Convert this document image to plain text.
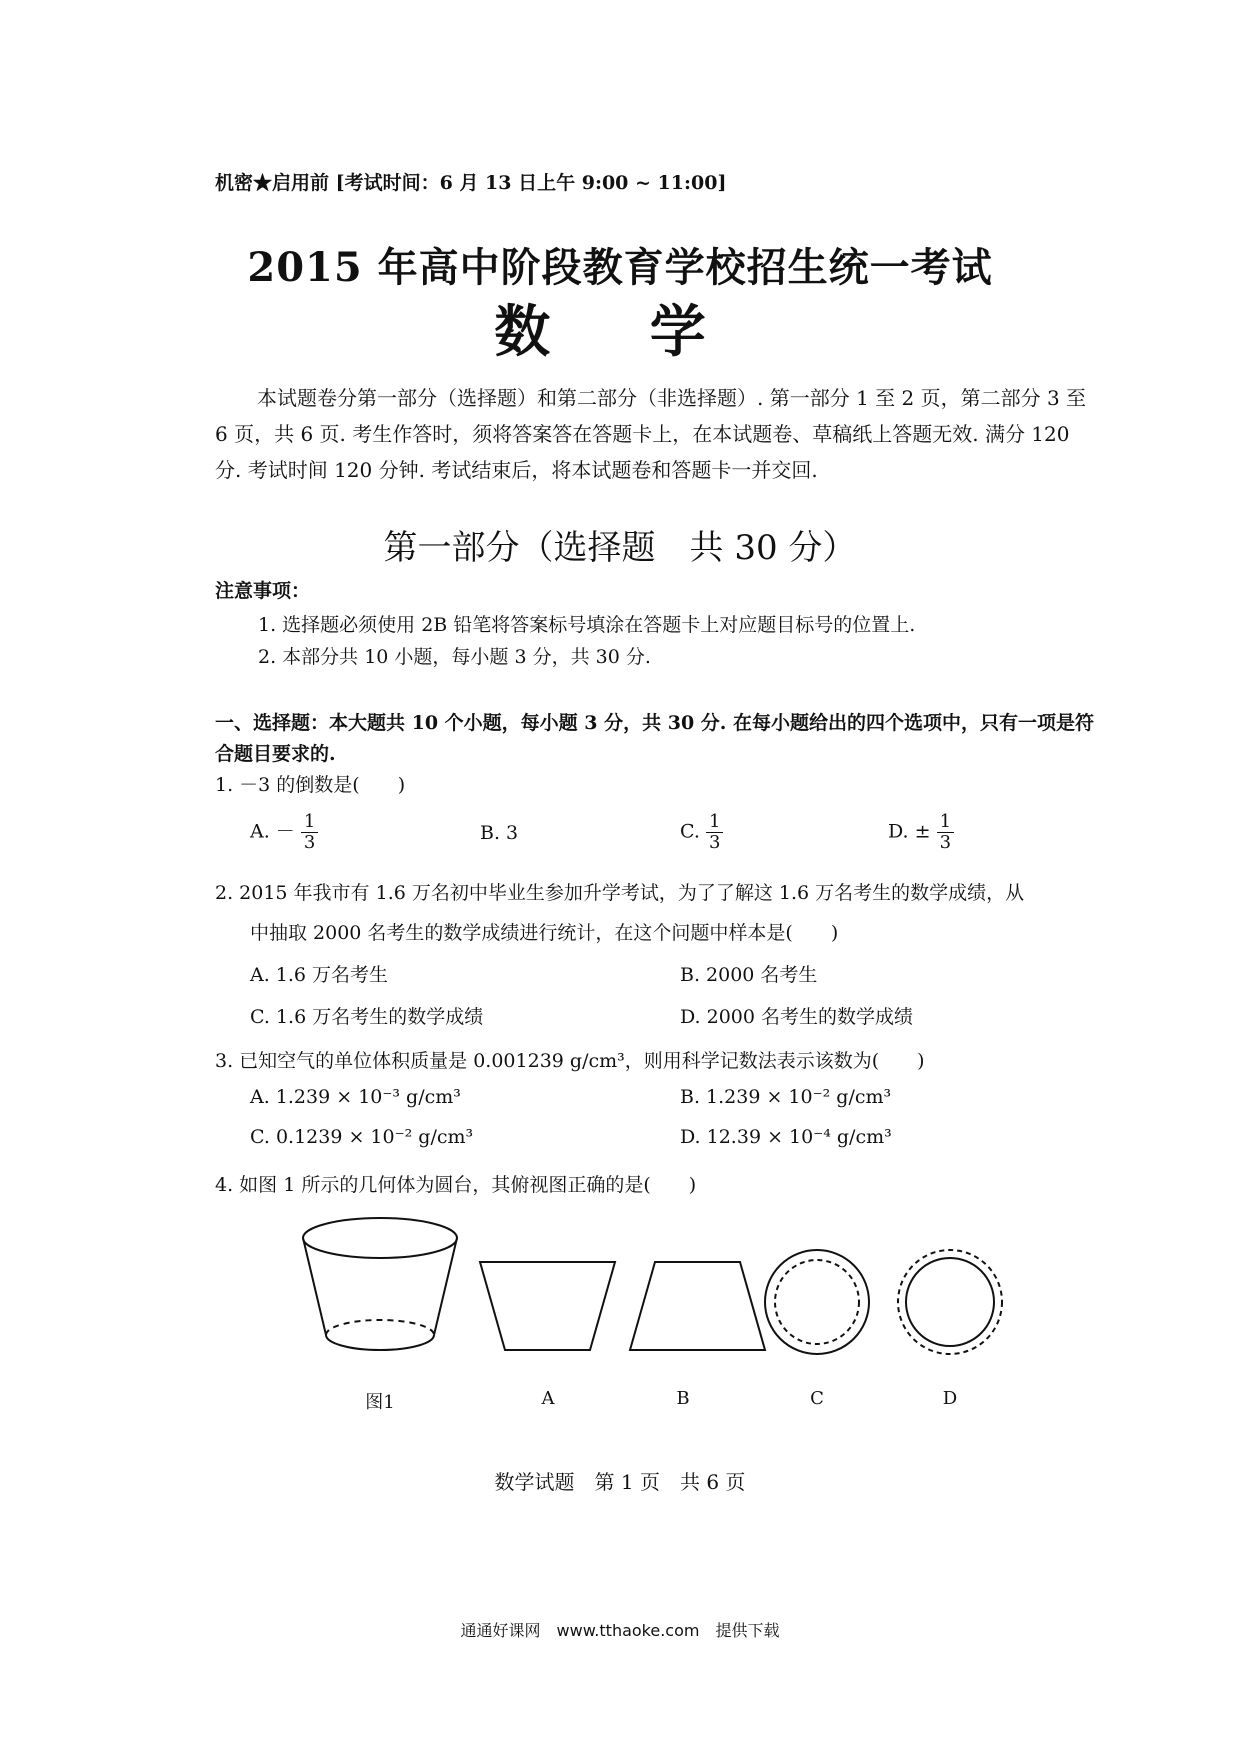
机密★启用前 [考试时间：6 月 13 日上午 9:00 ~ 11:00]
2015 年高中阶段教育学校招生统一考试
数 学
本试题卷分第一部分（选择题）和第二部分（非选择题）. 第一部分 1 至 2 页，第二部分 3 至 6 页，共 6 页. 考生作答时，须将答案答在答题卡上，在本试题卷、草稿纸上答题无效. 满分 120 分. 考试时间 120 分钟. 考试结束后，将本试题卷和答题卡一并交回.
第一部分（选择题　共 30 分）
注意事项：
1. 选择题必须使用 2B 铅笔将答案标号填涂在答题卡上对应题目标号的位置上.
2. 本部分共 10 小题，每小题 3 分，共 30 分.
一、选择题：本大题共 10 个小题，每小题 3 分，共 30 分. 在每小题给出的四个选项中，只有一项是符合题目要求的.
1. －3 的倒数是(　　)
A. － $\frac{1}{3}$	B. 3	C. $\frac{1}{3}$	D. ± $\frac{1}{3}$
2. 2015 年我市有 1.6 万名初中毕业生参加升学考试，为了了解这 1.6 万名考生的数学成绩，从
中抽取 2000 名考生的数学成绩进行统计，在这个问题中样本是(　　)
A. 1.6 万名考生	B. 2000 名考生
C. 1.6 万名考生的数学成绩	D. 2000 名考生的数学成绩
3. 已知空气的单位体积质量是 0.001239 g/cm³，则用科学记数法表示该数为(　　)
A. 1.239 × 10⁻³ g/cm³	B. 1.239 × 10⁻² g/cm³
C. 0.1239 × 10⁻² g/cm³	D. 12.39 × 10⁻⁴ g/cm³
4. 如图 1 所示的几何体为圆台，其俯视图正确的是(　　)
图1	A	B	C	D
数学试题　第 1 页　共 6 页
通通好课网　www.tthaoke.com　提供下载
